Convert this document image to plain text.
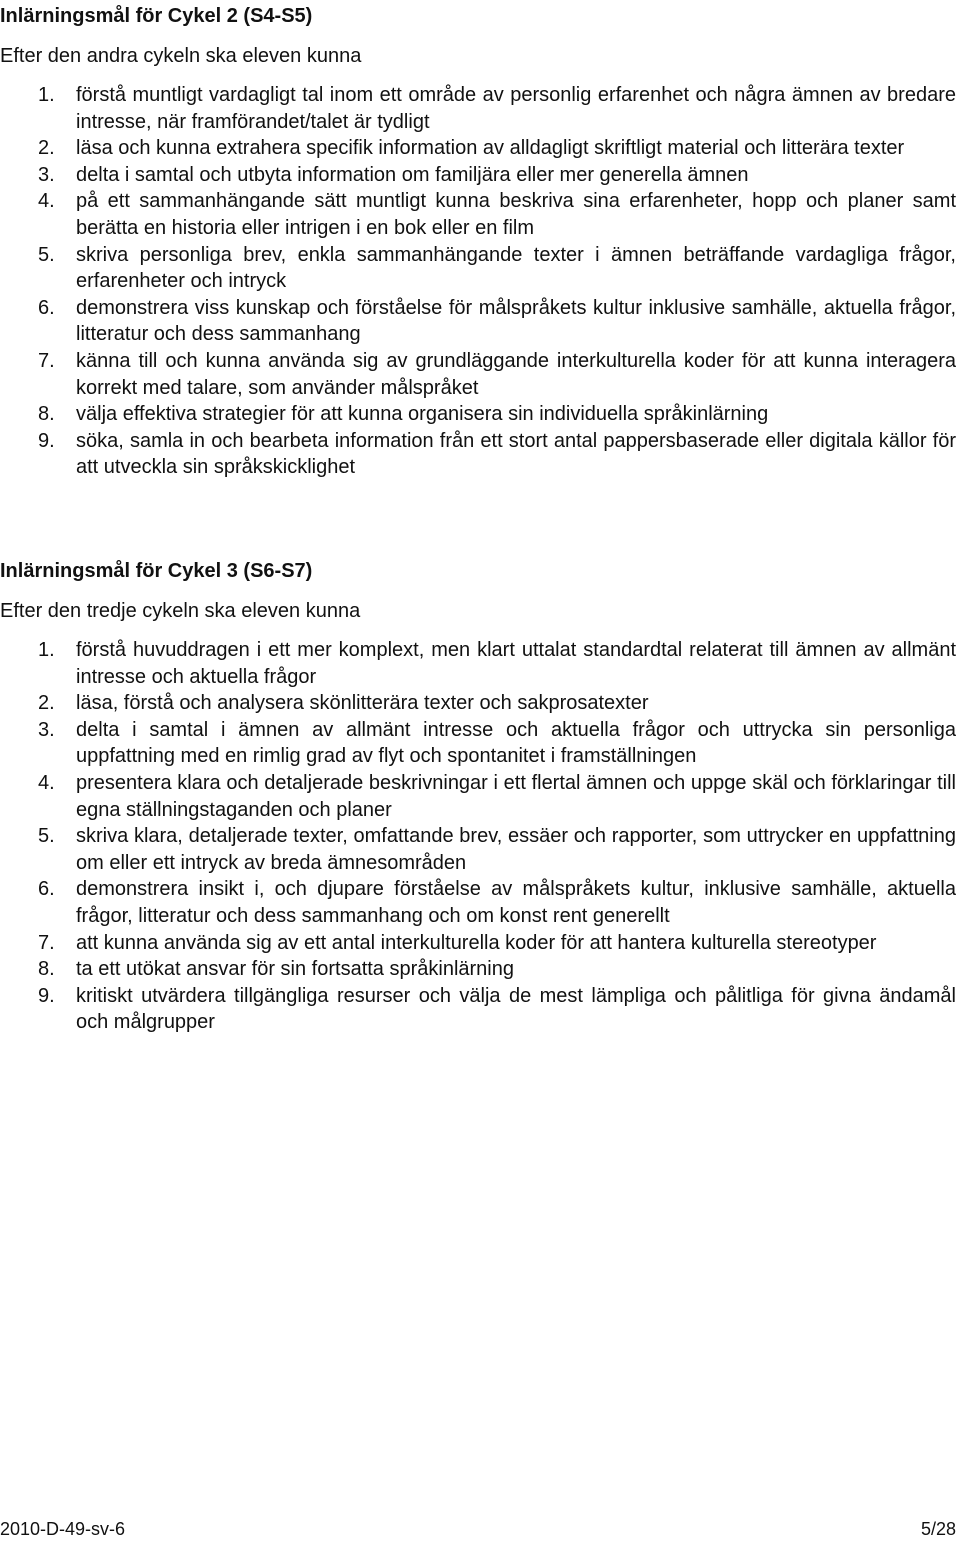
Inlärningsmål för Cykel 2 (S4-S5)
Efter den andra cykeln ska eleven kunna
1. förstå muntligt vardagligt tal inom ett område av personlig erfarenhet och några ämnen av bredare intresse, när framförandet/talet är tydligt
2. läsa och kunna extrahera specifik information av alldagligt skriftligt material och litterära texter
3. delta i samtal och utbyta information om familjära eller mer generella ämnen
4. på ett sammanhängande sätt muntligt kunna beskriva sina erfarenheter, hopp och planer samt berätta en historia eller intrigen i en bok eller en film
5. skriva personliga brev, enkla sammanhängande texter i ämnen beträffande vardagliga frågor, erfarenheter och intryck
6. demonstrera viss kunskap och förståelse för målspråkets kultur inklusive samhälle, aktuella frågor, litteratur och dess sammanhang
7. känna till och kunna använda sig av grundläggande interkulturella koder för att kunna interagera korrekt med talare, som använder målspråket
8. välja effektiva strategier för att kunna organisera sin individuella språkinlärning
9. söka, samla in och bearbeta information från ett stort antal pappersbaserade eller digitala källor för att utveckla sin språkskicklighet
Inlärningsmål för Cykel 3 (S6-S7)
Efter den tredje cykeln ska eleven kunna
1. förstå huvuddragen i ett mer komplext, men klart uttalat standardtal relaterat till ämnen av allmänt intresse och aktuella frågor
2. läsa, förstå och analysera skönlitterära texter och sakprosatexter
3. delta i samtal i ämnen av allmänt intresse och aktuella frågor och uttrycka sin personliga uppfattning med en rimlig grad av flyt och spontanitet i framställningen
4. presentera klara och detaljerade beskrivningar i ett flertal ämnen och uppge skäl och förklaringar till egna ställningstaganden och planer
5. skriva klara, detaljerade texter, omfattande brev, essäer och rapporter, som uttrycker en uppfattning om eller ett intryck av breda ämnesområden
6. demonstrera insikt i, och djupare förståelse av målspråkets kultur, inklusive samhälle, aktuella frågor, litteratur och dess sammanhang och om konst rent generellt
7. att kunna använda sig av ett antal interkulturella koder för att hantera kulturella stereotyper
8. ta ett utökat ansvar för sin fortsatta språkinlärning
9. kritiskt utvärdera tillgängliga resurser och välja de mest lämpliga och pålitliga för givna ändamål och målgrupper
2010-D-49-sv-6	5/28
